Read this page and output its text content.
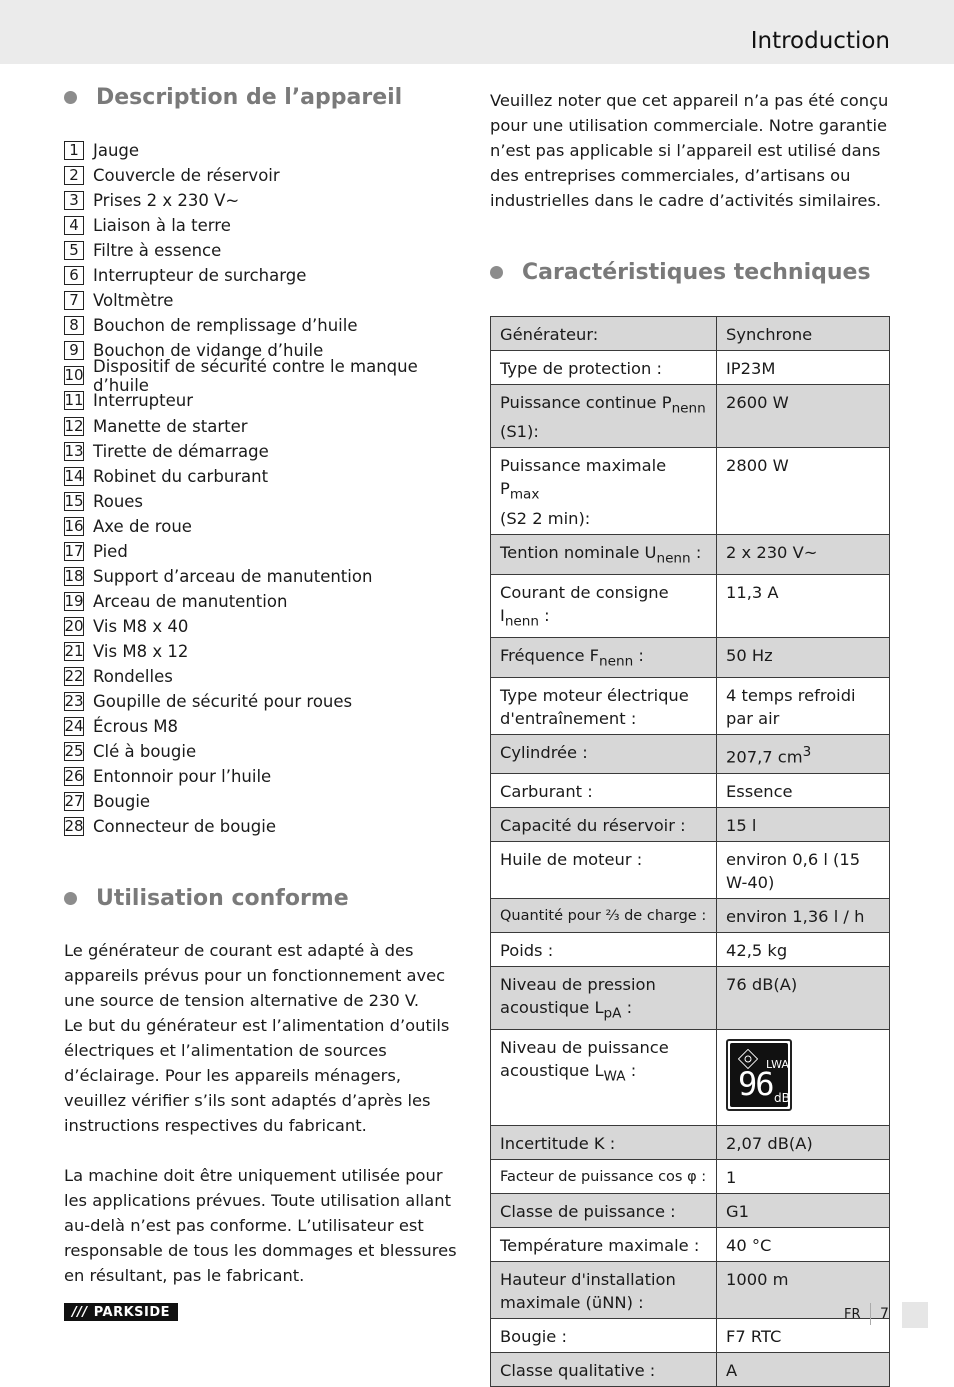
Introduction
Description de l’appareil
1 Jauge
2 Couvercle de réservoir
3 Prises 2 x 230 V~
4 Liaison à la terre
5 Filtre à essence
6 Interrupteur de surcharge
7 Voltmètre
8 Bouchon de remplissage d’huile
9 Bouchon de vidange d’huile
10 Dispositif de sécurité contre le manque d’huile
11 Interrupteur
12 Manette de starter
13 Tirette de démarrage
14 Robinet du carburant
15 Roues
16 Axe de roue
17 Pied
18 Support d’arceau de manutention
19 Arceau de manutention
20 Vis M8 x 40
21 Vis M8 x 12
22 Rondelles
23 Goupille de sécurité pour roues
24 Écrous M8
25 Clé à bougie
26 Entonnoir pour l’huile
27 Bougie
28 Connecteur de bougie
Utilisation conforme

Le générateur de courant est adapté à des appareils prévus pour un fonctionnement avec une source de tension alternative de 230 V.

Le but du générateur est l’alimentation d’outils électriques et l’alimentation de sources d’éclairage. Pour les appareils ménagers, veuillez vérifier s’ils sont adaptés d’après les instructions respectives du fabricant.

La machine doit être uniquement utilisée pour les applications prévues. Toute utilisation allant au-delà n’est pas conforme. L’utilisateur est responsable de tous les dommages et blessures en résultant, pas le fabricant.

Veuillez noter que cet appareil n’a pas été conçu pour une utilisation commerciale. Notre garantie n’est pas applicable si l’appareil est utilisé dans des entreprises commerciales, d’artisans ou industrielles dans le cadre d’activités similaires.

Caractéristiques techniques
Générateur:	Synchrone
Type de protection :	IP23M
Puissance continue $P_{nenn}$
(S1):	2600 W
Puissance maximale $P_{max}$
(S2 2 min):	2800 W
Tention nominale $U_{nenn}$ :	2 x 230 V~
Courant de consigne $I_{nenn}$ :	11,3 A
Fréquence $F_{nenn}$ :	50 Hz
Type moteur électrique d'entraînement :	4 temps refroidi par air
Cylindrée :	207,7 $cm^3$
Carburant :	Essence
Capacité du réservoir :	15 l
Huile de moteur :	environ 0,6 l (15 W-40)
Quantité pour ⅔ de charge :	environ 1,36 l / h
Poids :	42,5 kg
Niveau de pression acoustique $L_{pA}$ :	76 dB(A)
Niveau de puissance acoustique $L_{WA}$ :	LWA
96 dB

Incertitude K :	2,07 dB(A)
Facteur de puissance cos φ :	1
Classe de puissance :	G1
Température maximale :	40 °C
Hauteur d'installation maximale (üNN) :	1000 m
Bougie :	F7 RTC
Classe qualitative :	A
/// PARKSIDE	FR 7
